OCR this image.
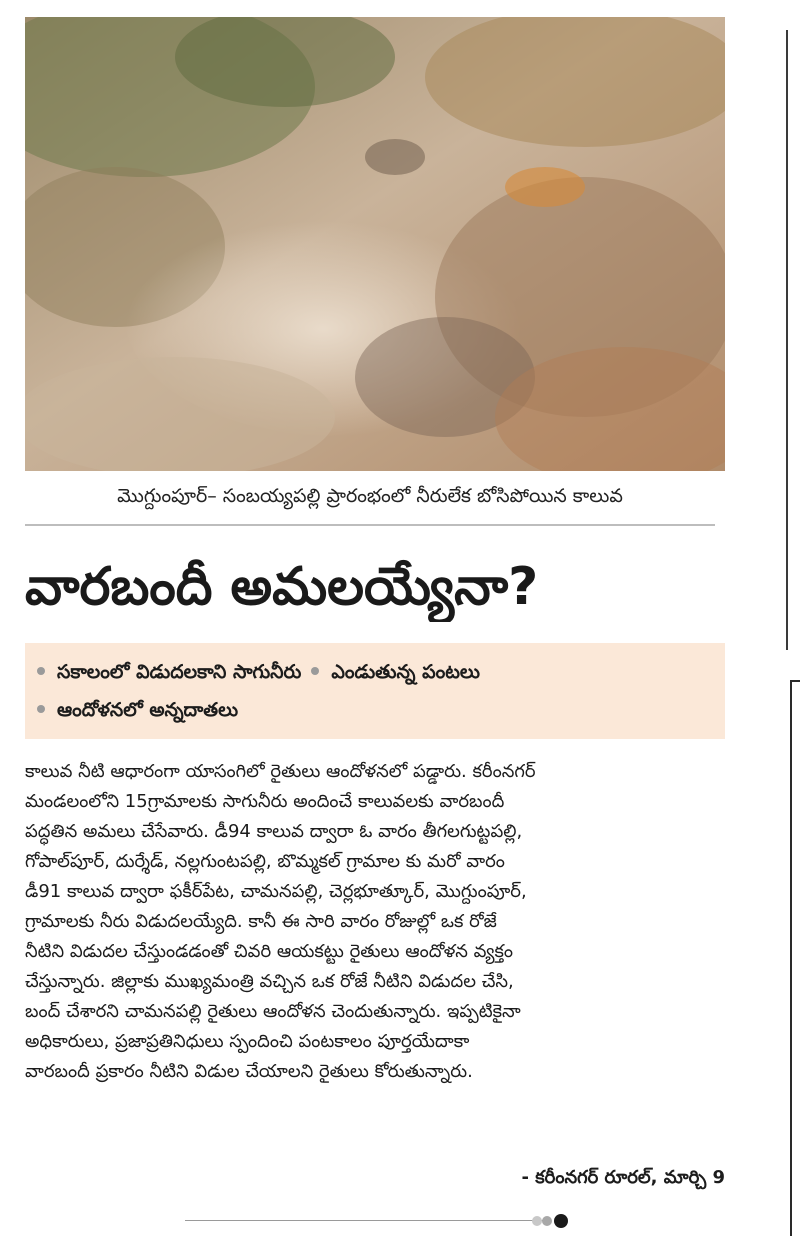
మొగ్దుంపూర్‌– సంబయ్యపల్లి ప్రారంభంలో నీరులేక బోసిపోయిన కాలువ
వారబందీ అమలయ్యేనా?
సకాలంలో విడుదలకాని సాగునీరు ఎండుతున్న పంటలు
ఆందోళనలో అన్నదాతలు
కాలువ నీటి ఆధారంగా యాసంగిలో రైతులు ఆందోళనలో పడ్డారు. కరీంనగర్‌
మండలంలోని 15గ్రామాలకు సాగునీరు అందించే కాలువలకు వారబందీ
పద్ధతిన అమలు చేసేవారు. డీ94 కాలువ ద్వారా ఓ వారం తీగలగుట్టపల్లి,
గోపాల్‌పూర్‌, దుర్శేడ్‌, నల్లగుంటపల్లి, బొమ్మకల్‌ గ్రామాల కు మరో వారం
డీ91 కాలువ ద్వారా ఫకీర్‌పేట, చామనపల్లి, చెర్లభూత్కూర్‌, మొగ్దుంపూర్‌,
గ్రామాలకు నీరు విడుదలయ్యేది. కానీ ఈ సారి వారం రోజుల్లో ఒక రోజే
నీటిని విడుదల చేస్తుండడంతో చివరి ఆయకట్టు రైతులు ఆందోళన వ్యక్తం
చేస్తున్నారు. జిల్లాకు ముఖ్యమంత్రి వచ్చిన ఒక రోజే నీటిని విడుదల చేసి,
బంద్‌ చేశారని చామనపల్లి రైతులు ఆందోళన చెందుతున్నారు. ఇప్పటికైనా
అధికారులు, ప్రజాప్రతినిధులు స్పందించి పంటకాలం పూర్తయేదాకా
వారబందీ ప్రకారం నీటిని విడుల చేయాలని రైతులు కోరుతున్నారు.
- కరీంనగర్‌ రూరల్‌, మార్చి 9
